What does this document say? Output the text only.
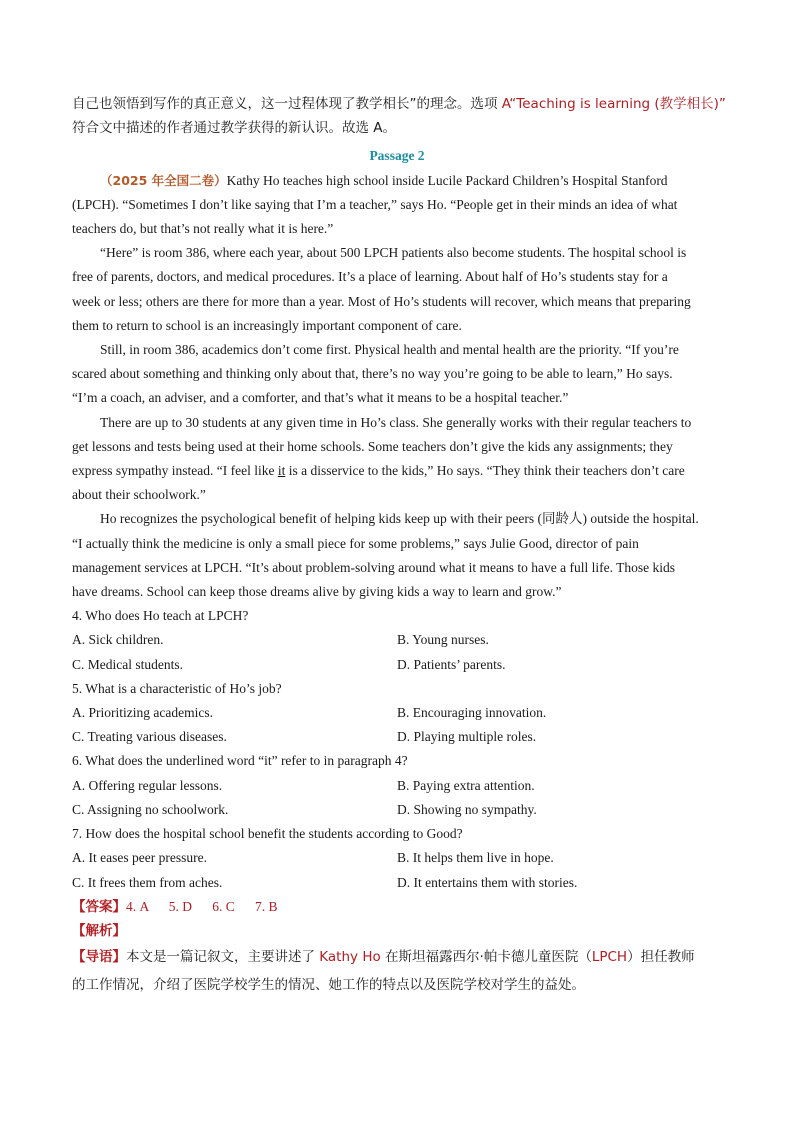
自己也领悟到写作的真正意义，这一过程体现了教学相长”的理念。选项 A“Teaching is learning (教学相长)”
符合文中描述的作者通过教学获得的新认识。故选 A。
Passage 2
（2025 年全国二卷）Kathy Ho teaches high school inside Lucile Packard Children’s Hospital Stanford
(LPCH). “Sometimes I don’t like saying that I’m a teacher,” says Ho. “People get in their minds an idea of what
teachers do, but that’s not really what it is here.”
“Here” is room 386, where each year, about 500 LPCH patients also become students. The hospital school is
free of parents, doctors, and medical procedures. It’s a place of learning. About half of Ho’s students stay for a
week or less; others are there for more than a year. Most of Ho’s students will recover, which means that preparing
them to return to school is an increasingly important component of care.
Still, in room 386, academics don’t come first. Physical health and mental health are the priority. “If you’re
scared about something and thinking only about that, there’s no way you’re going to be able to learn,” Ho says.
“I’m a coach, an adviser, and a comforter, and that’s what it means to be a hospital teacher.”
There are up to 30 students at any given time in Ho’s class. She generally works with their regular teachers to
get lessons and tests being used at their home schools. Some teachers don’t give the kids any assignments; they
express sympathy instead. “I feel like it is a disservice to the kids,” Ho says. “They think their teachers don’t care
about their schoolwork.”
Ho recognizes the psychological benefit of helping kids keep up with their peers (同龄人) outside the hospital.
“I actually think the medicine is only a small piece for some problems,” says Julie Good, director of pain
management services at LPCH. “It’s about problem-solving around what it means to have a full life. Those kids
have dreams. School can keep those dreams alive by giving kids a way to learn and grow.”
4. Who does Ho teach at LPCH?
A. Sick children.	B. Young nurses.
C. Medical students.	D. Patients’ parents.
5. What is a characteristic of Ho’s job?
A. Prioritizing academics.	B. Encouraging innovation.
C. Treating various diseases.	D. Playing multiple roles.
6. What does the underlined word “it” refer to in paragraph 4?
A. Offering regular lessons.	B. Paying extra attention.
C. Assigning no schoolwork.	D. Showing no sympathy.
7. How does the hospital school benefit the students according to Good?
A. It eases peer pressure.	B. It helps them live in hope.
C. It frees them from aches.	D. It entertains them with stories.
【答案】4. A      5. D      6. C      7. B
【解析】
【导语】本文是一篇记叙文，主要讲述了 Kathy Ho 在斯坦福露西尔·帕卡德儿童医院（LPCH）担任教师
的工作情况，介绍了医院学校学生的情况、她工作的特点以及医院学校对学生的益处。
